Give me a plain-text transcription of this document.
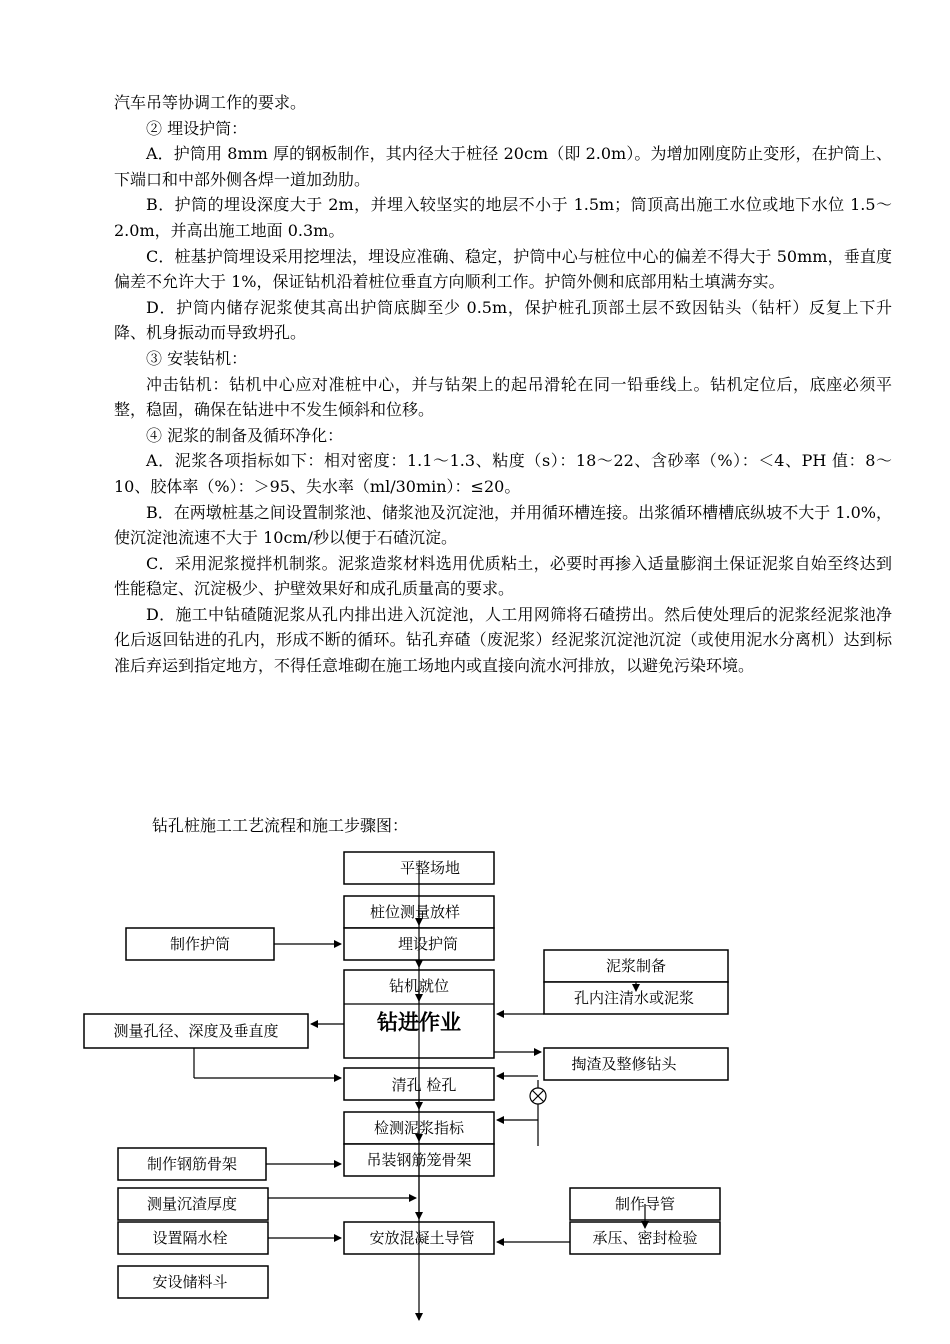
汽车吊等协调工作的要求。

② 埋设护筒：

A．护筒用 8mm 厚的钢板制作，其内径大于桩径 20cm（即 2.0m）。为增加刚度防止变形，在护筒上、下端口和中部外侧各焊一道加劲肋。

B．护筒的埋设深度大于 2m，并埋入较坚实的地层不小于 1.5m；筒顶高出施工水位或地下水位 1.5～2.0m，并高出施工地面 0.3m。

C．桩基护筒埋设采用挖埋法，埋设应准确、稳定，护筒中心与桩位中心的偏差不得大于 50mm，垂直度偏差不允许大于 1%，保证钻机沿着桩位垂直方向顺利工作。护筒外侧和底部用粘土填满夯实。

D．护筒内储存泥浆使其高出护筒底脚至少 0.5m，保护桩孔顶部土层不致因钻头（钻杆）反复上下升降、机身振动而导致坍孔。

③ 安装钻机：

冲击钻机：钻机中心应对准桩中心，并与钻架上的起吊滑轮在同一铅垂线上。钻机定位后，底座必须平整，稳固，确保在钻进中不发生倾斜和位移。

④ 泥浆的制备及循环净化：

A．泥浆各项指标如下：相对密度：1.1～1.3、粘度（s）：18～22、含砂率（%）：＜4、PH 值：8～10、胶体率（%）：＞95、失水率（ml/30min）：≤20。

B．在两墩桩基之间设置制浆池、储浆池及沉淀池，并用循环槽连接。出浆循环槽槽底纵坡不大于 1.0%，使沉淀池流速不大于 10cm/秒以便于石碴沉淀。

C．采用泥浆搅拌机制浆。泥浆造浆材料选用优质粘土，必要时再掺入适量膨润土保证泥浆自始至终达到性能稳定、沉淀极少、护壁效果好和成孔质量高的要求。

D．施工中钻碴随泥浆从孔内排出进入沉淀池，人工用网筛将石碴捞出。然后使处理后的泥浆经泥浆池净化后返回钻进的孔内，形成不断的循环。钻孔弃碴（废泥浆）经泥浆沉淀池沉淀（或使用泥水分离机）达到标准后弃运到指定地方，不得任意堆砌在施工场地内或直接向流水河排放，以避免污染环境。

钻孔桩施工工艺流程和施工步骤图：
平整场地
桩位测量放样
制作护筒	埋设护筒
泥浆制备
孔内注清水或泥浆
钻机就位
钻进作业
测量孔径、深度及垂直度
掏渣及整修钻头
清孔 检孔
检测泥浆指标
吊装钢筋笼骨架
制作钢筋骨架
测量沉渣厚度
设置隔水栓	安放混凝土导管
制作导管
承压、密封检验
安设储料斗
